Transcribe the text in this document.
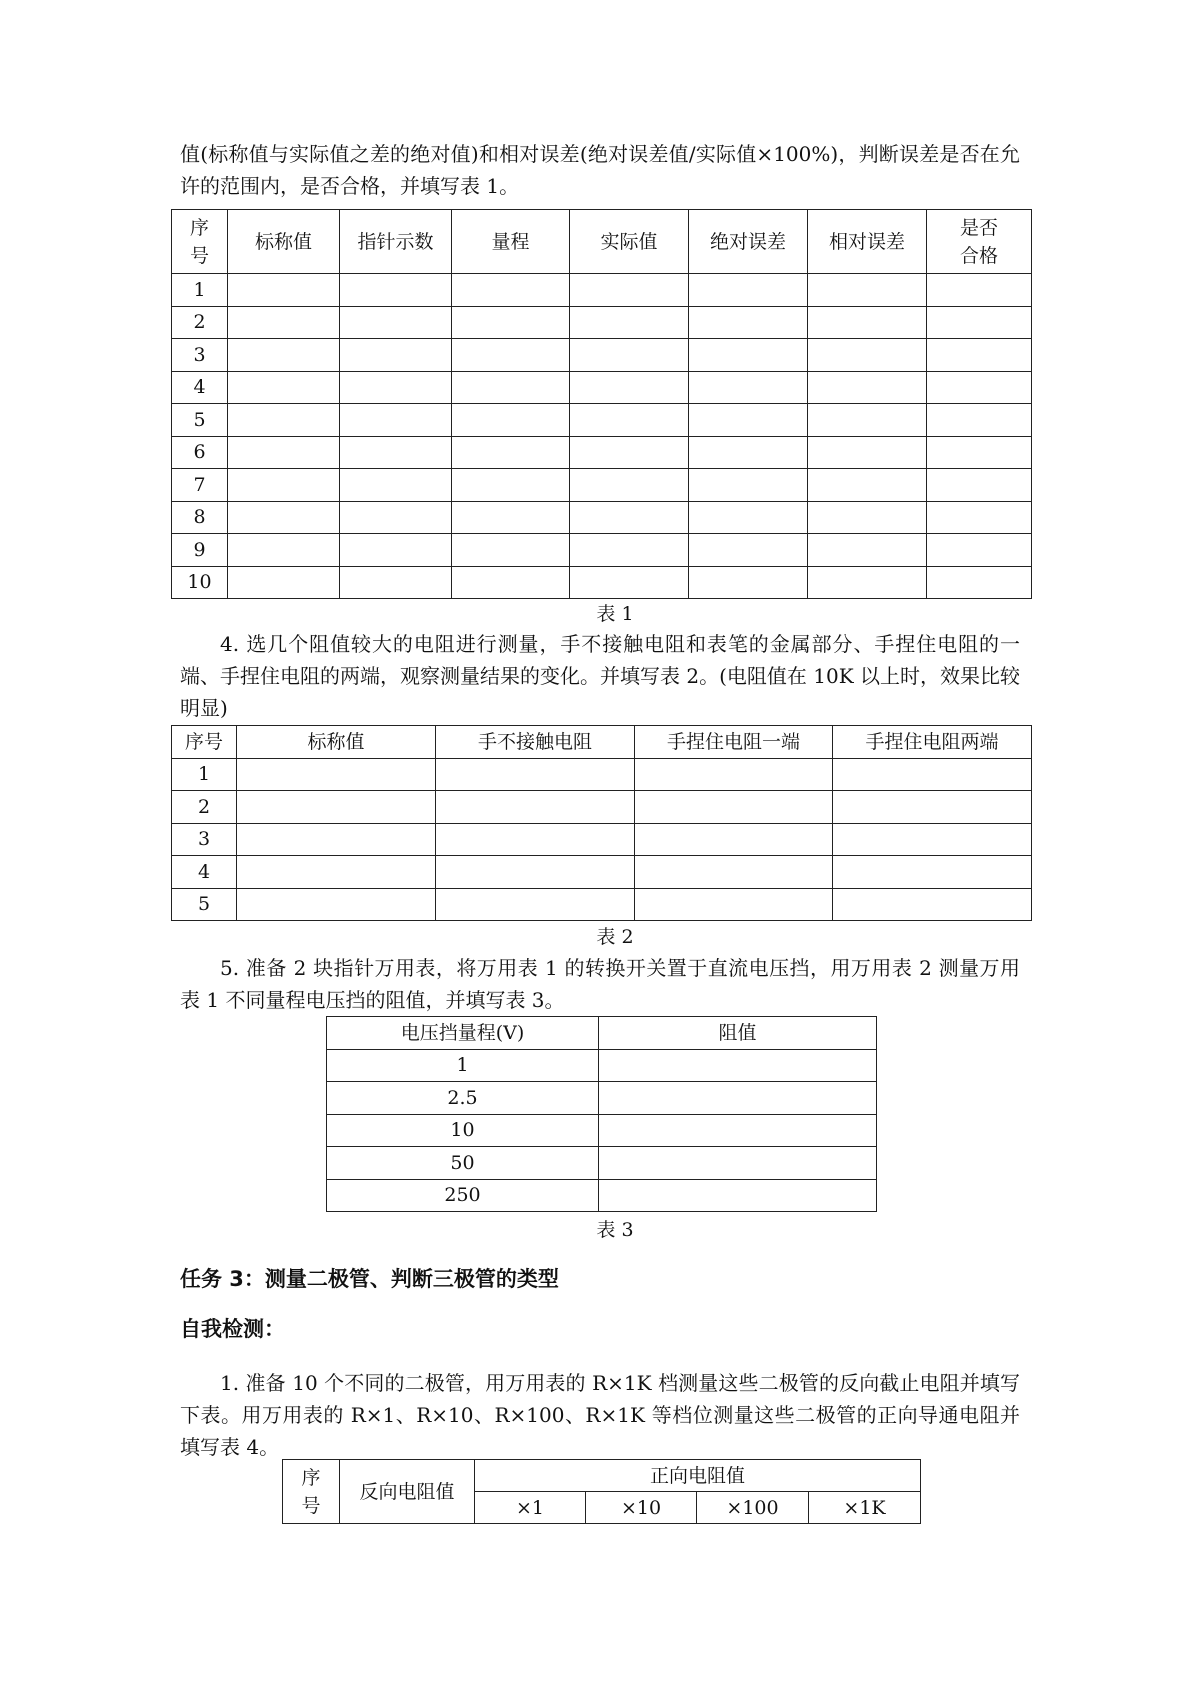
值(标称值与实际值之差的绝对值)和相对误差(绝对误差值/实际值×100%)，判断误差是否在允许的范围内，是否合格，并填写表 1。

序号	标称值	指针示数	量程	实际值	绝对误差	相对误差	是否合格
1							
2							
3							
4							
5							
6							
7							
8							
9							
10							
表 1

4. 选几个阻值较大的电阻进行测量，手不接触电阻和表笔的金属部分、手捏住电阻的一端、手捏住电阻的两端，观察测量结果的变化。并填写表 2。(电阻值在 10K 以上时，效果比较明显)

序号	标称值	手不接触电阻	手捏住电阻一端	手捏住电阻两端
1				
2				
3				
4				
5				
表 2

5. 准备 2 块指针万用表，将万用表 1 的转换开关置于直流电压挡，用万用表 2 测量万用表 1 不同量程电压挡的阻值，并填写表 3。

电压挡量程(V)	阻值
1	
2.5	
10	
50	
250	
表 3
任务 3：测量二极管、判断三极管的类型
自我检测：

1. 准备 10 个不同的二极管，用万用表的 R×1K 档测量这些二极管的反向截止电阻并填写下表。用万用表的 R×1、R×10、R×100、R×1K 等档位测量这些二极管的正向导通电阻并填写表 4。

序号	反向电阻值	正向电阻值			
		×1	×10	×100	×1K
